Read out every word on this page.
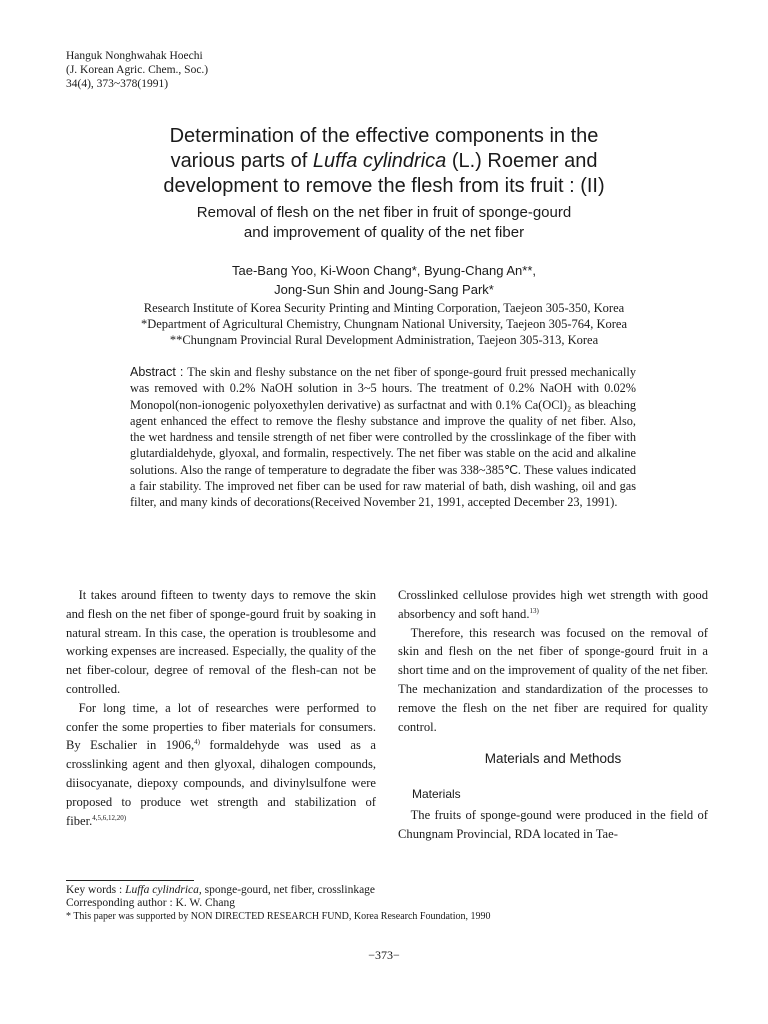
Hanguk Nonghwahak Hoechi
(J. Korean Agric. Chem., Soc.)
34(4), 373~378(1991)
Determination of the effective components in the
various parts of Luffa cylindrica (L.) Roemer and
development to remove the flesh from its fruit : (II)
Removal of flesh on the net fiber in fruit of sponge-gourd
and improvement of quality of the net fiber
Tae-Bang Yoo, Ki-Woon Chang*, Byung-Chang An**,
Jong-Sun Shin and Joung-Sang Park*
Research Institute of Korea Security Printing and Minting Corporation, Taejeon 305-350, Korea
*Department of Agricultural Chemistry, Chungnam National University, Taejeon 305-764, Korea
**Chungnam Provincial Rural Development Administration, Taejeon 305-313, Korea
Abstract : The skin and fleshy substance on the net fiber of sponge-gourd fruit pressed mechanically was removed with 0.2% NaOH solution in 3~5 hours. The treatment of 0.2% NaOH with 0.02% Monopol(non-ionogenic polyoxethylen derivative) as surfactnat and with 0.1% Ca(OCl)₂ as bleaching agent enhanced the effect to remove the fleshy substance and improve the quality of net fiber. Also, the wet hardness and tensile strength of net fiber were controlled by the crosslinkage of the fiber with glutardialdehyde, glyoxal, and formalin, respectively. The net fiber was stable on the acid and alkaline solutions. Also the range of temperature to degradate the fiber was 338~385℃. These values indicated a fair stability. The improved net fiber can be used for raw material of bath, dish washing, oil and gas filter, and many kinds of decorations(Received November 21, 1991, accepted December 23, 1991).

It takes around fifteen to twenty days to remove the skin and flesh on the net fiber of sponge-gourd fruit by soaking in natural stream. In this case, the operation is troublesome and working expenses are increased. Especially, the quality of the net fiber-colour, degree of removal of the flesh-can not be controlled.

For long time, a lot of researches were performed to confer the some properties to fiber materials for consumers. By Eschalier in 1906,$^{4)}$ formaldehyde was used as a crosslinking agent and then glyoxal, dihalogen compounds, diisocyanate, diepoxy compounds, and divinylsulfone were proposed to produce wet strength and stabilization of fiber.$^{4,5,6,12,20)}$

Crosslinked cellulose provides high wet strength with good absorbency and soft hand.$^{13)}$

Therefore, this research was focused on the removal of skin and flesh on the net fiber of sponge-gourd fruit in a short time and on the improvement of quality of the net fiber. The mechanization and standardization of the processes to remove the flesh on the net fiber are required for quality control.

Materials and Methods
Materials

The fruits of sponge-gound were produced in the field of Chungnam Provincial, RDA located in Tae-

Key words : Luffa cylindrica, sponge-gourd, net fiber, crosslinkage
Corresponding author : K. W. Chang
* This paper was supported by NON DIRECTED RESEARCH FUND, Korea Research Foundation, 1990
−373−
